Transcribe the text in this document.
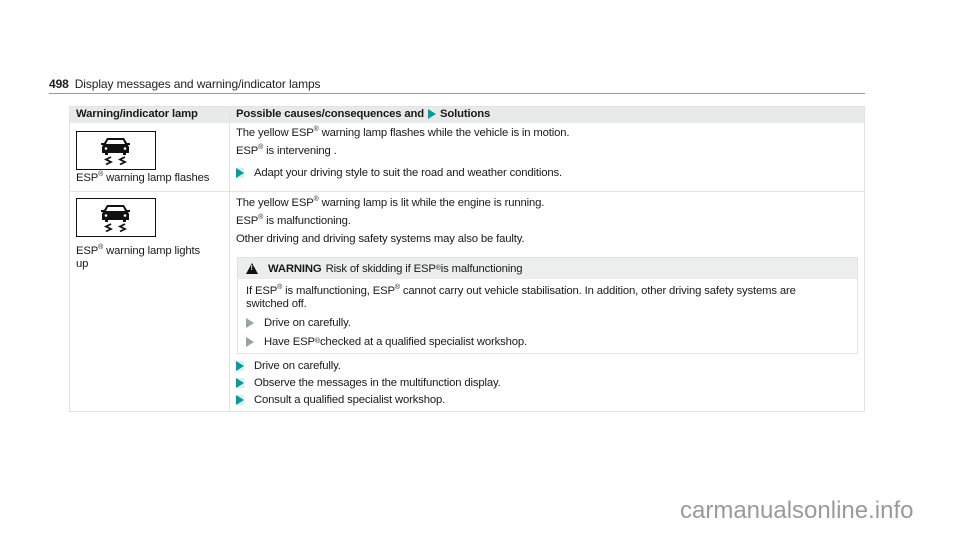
498 Display messages and warning/indicator lamps
Warning/indicator lamp	Possible causes/consequences and Solutions
ESP® warning lamp flashes
The yellow ESP® warning lamp flashes while the vehicle is in motion.
ESP® is intervening .
Adapt your driving style to suit the road and weather conditions.
ESP® warning lamp lights
up
The yellow ESP® warning lamp is lit while the engine is running.
ESP® is malfunctioning.
Other driving and driving safety systems may also be faulty.
!
WARNING Risk of skidding if ESP ® is malfunctioning
If ESP® is malfunctioning, ESP® cannot carry out vehicle stabilisation. In addition, other driving safety systems are
switched off.
Drive on carefully.
Have ESP ® checked at a qualified specialist workshop.
Drive on carefully.
Observe the messages in the multifunction display.
Consult a qualified specialist workshop.
carmanualsonline.info
